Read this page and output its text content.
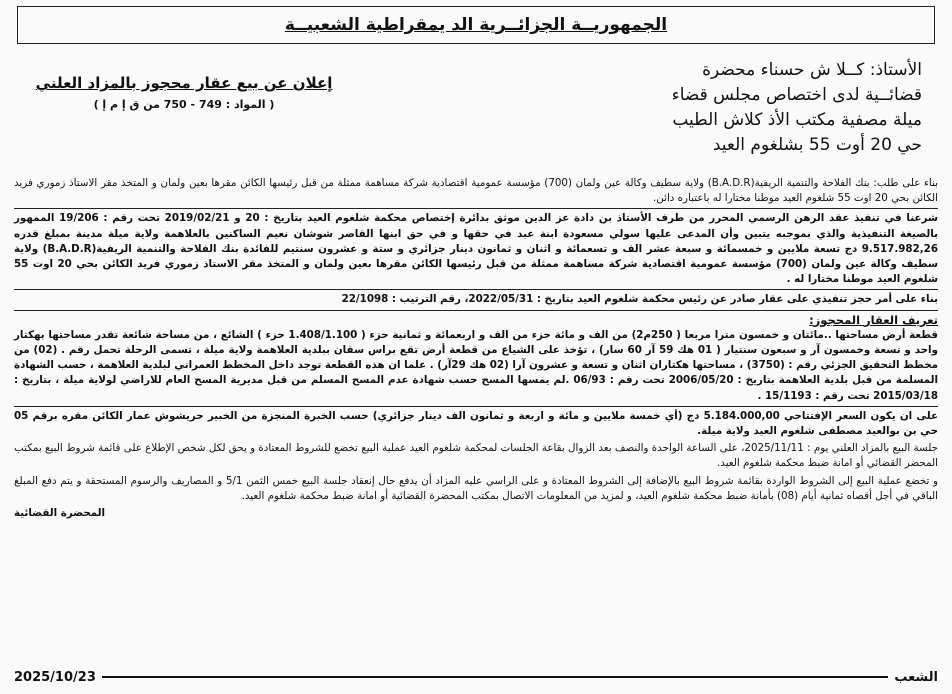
الجمهوريــة الجزائــرية الد يمقراطية الشعبيــة
إعلان عن بيع عقار محجوز بالمزاد العلني
( المواد : 749 - 750 من ق إ م إ )
الأستاذ: كــلا ش حسناء محضرة
قضائــية لدى اختصاص مجلس قضاء
ميلة مصفية مكتب الأذ كلاش الطيب
حي 20 أوت 55 بشلغوم العيد

بناء على طلب: بنك الفلاحة والتنمية الريفية(B.A.D.R) ولاية سطيف وكالة عين ولمان (700) مؤسسة عمومية اقتصادية شركة مساهمة ممثلة من قبل رئيسها الكائن مقرها بعين ولمان و المتخذ مقر الاستاذ زموري فريد الكائن بحي 20 اوت 55 شلغوم العيد موطنا مختارا له باعتباره دائن.

شرعنا في تنفيذ عقد الرهن الرسمي المحرر من طرف الأستاذ بن دادة عز الدين موثق بدائرة إختصاص محكمة شلغوم العيد بتاريخ : 20 و 2019/02/21 تحت رقم : 19/206 الممهور بالصيغة التنفيذية والذي بموجبه يتبين وأن المدعى عليها سولي مسعودة ابنة عبد في حقها و في حق ابنها القاصر شوشان نعيم الساكنين بالعلاهمة ولاية ميلة مدينة بمبلغ قدره 9.517.982,26 دج تسعة ملايين و خمسمائة و سبعة عشر الف و تسعمائة و اثنان و ثمانون دينار جزائري و ستة و عشرون سنتيم للفائدة بنك الفلاحة والتنمية الريفية(B.A.D.R) ولاية سطيف وكالة عين ولمان (700) مؤسسة عمومية اقتصادية شركة مساهمة ممثلة من قبل رئيسها الكائن مقرها بعين ولمان و المتخذ مقر الاستاذ زموري فريد الكائن بحي 20 اوت 55 شلغوم العيد موطنا مختارا له .

بناء على أمر حجز تنفيذي على عقار صادر عن رئيس محكمة شلغوم العيد بتاريخ : 2022/05/31، رقم الترتيب : 22/1098

تعريف العقار المحجوز:

قطعة أرض مساحتها ..مائتان و خمسون مترا مربعا ( 250م2) من الف و مائة حزء من الف و اربعمائة و ثمانية حزء ( 1.408/1.100 حزء ) الشائع ، من مساحة شائعة تقدر مساحتها بهكتار واحد و تسعة وخمسون آر و سبعون سنتيار ( 01 هك 59 آر 60 سار) ، تؤخذ على الشياع من قطعة أرض تقع براس سقان ببلدية العلاهمة ولاية ميلة ، تسمى الرحلة تحمل رقم . (02) من مخطط التحقيق الجزئي رقم : (3750) ، مساحتها هكتاران اثنان و تسعة و عشرون آرا (02 هك 29آر) . علما ان هذه القطعة توجد داخل المخطط العمراني لبلدية العلاهمة ، حسب الشهادة المسلمة من قبل بلدية العلاهمة بتاريخ : 2006/05/20 تحت رقم : 06/93 .لم يمسها المسح حسب شهادة عدم المسح المسلم من قبل مديرية المسح العام للاراضي لولاية ميلة ، بتاريخ : 2015/03/18 تحت رقم : 15/1193 .

على ان يكون السعر الإفتتاحي 5.184.000,00 دج (أي خمسة ملايين و مائة و اربعة و ثمانون الف دينار جزائري) حسب الخبرة المنجزة من الخبير حريشوش عمار الكائن مقره برقم 05 حي بن بوالعيد مصطفى شلغوم العيد ولاية ميلة.

جلسة البيع بالمزاد العلني يوم : 2025/11/11، على الساعة الواحدة والنصف بعد الزوال بقاعة الجلسات لمحكمة شلغوم العيد عملية البيع تخضع للشروط المعتادة و يحق لكل شخص الإطلاع على قائمة شروط البيع بمكتب المحضر القضائي أو امانة ضبط محكمة شلغوم العيد.

و تخضع عملية البيع إلى الشروط الواردة بقائمة شروط البيع بالإضافة إلى الشروط المعتادة و على الراسي عليه المزاد أن يدفع حال إنعقاد جلسة البيع خمس الثمن 5/1 و المصاريف والرسوم المستحقة و يتم دفع المبلغ الباقي في أجل أقصاه ثمانية أيام (08) بأمانة ضبط محكمة شلغوم العيد، و لمزيد من المعلومات الاتصال بمكتب المحضرة القضائية أو امانة ضبط محكمة شلغوم العيد.

المحضرة القضائية
2025/10/23	الشعب
